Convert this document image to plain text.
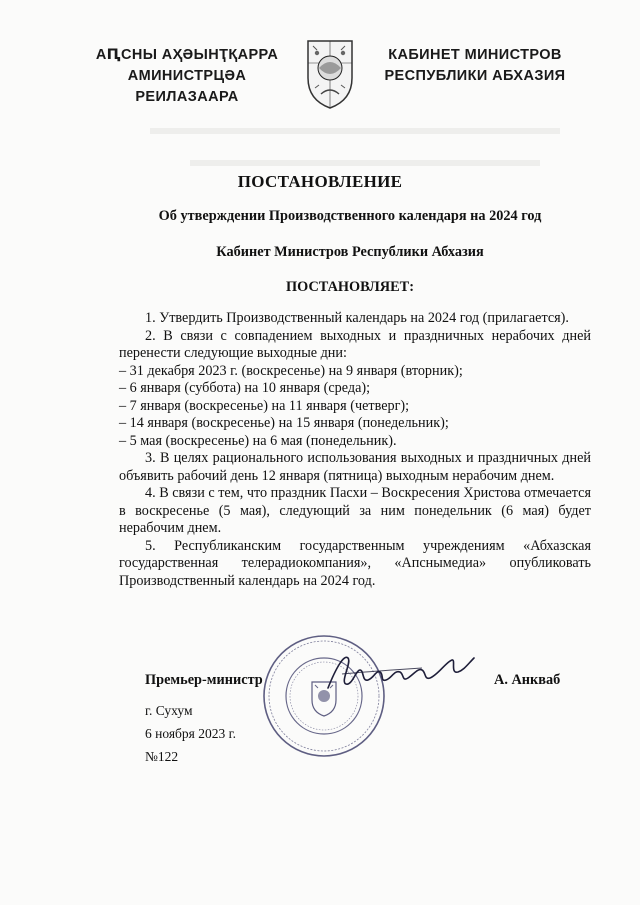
АԤСНЫ АҲӘЫНҬҚАРРА
АМИНИСТРЦӘА РЕИЛАЗААРА
КАБИНЕТ МИНИСТРОВ
РЕСПУБЛИКИ АБХАЗИЯ
ПОСТАНОВЛЕНИЕ
Об утверждении Производственного календаря на 2024 год
Кабинет Министров Республики Абхазия
ПОСТАНОВЛЯЕТ:

1. Утвердить Производственный календарь на 2024 год (прилагается).

2. В связи с совпадением выходных и праздничных нерабочих дней перенести следующие выходные дни:

– 31 декабря 2023 г. (воскресенье) на 9 января (вторник);

– 6 января (суббота) на 10 января (среда);

– 7 января (воскресенье) на 11 января (четверг);

– 14 января (воскресенье) на 15 января (понедельник);

– 5 мая (воскресенье) на 6 мая (понедельник).

3. В целях рационального использования выходных и праздничных дней объявить рабочий день 12 января (пятница) выходным нерабочим днем.

4. В связи с тем, что праздник Пасхи – Воскресения Христова отмечается в воскресенье (5 мая), следующий за ним понедельник (6 мая) будет нерабочим днем.

5. Республиканским государственным учреждениям «Абхазская государственная телерадиокомпания», «Апснымедиа» опубликовать Производственный календарь на 2024 год.

Премьер-министр	А. Анкваб
г. Сухум
6 ноября 2023 г.
№122
